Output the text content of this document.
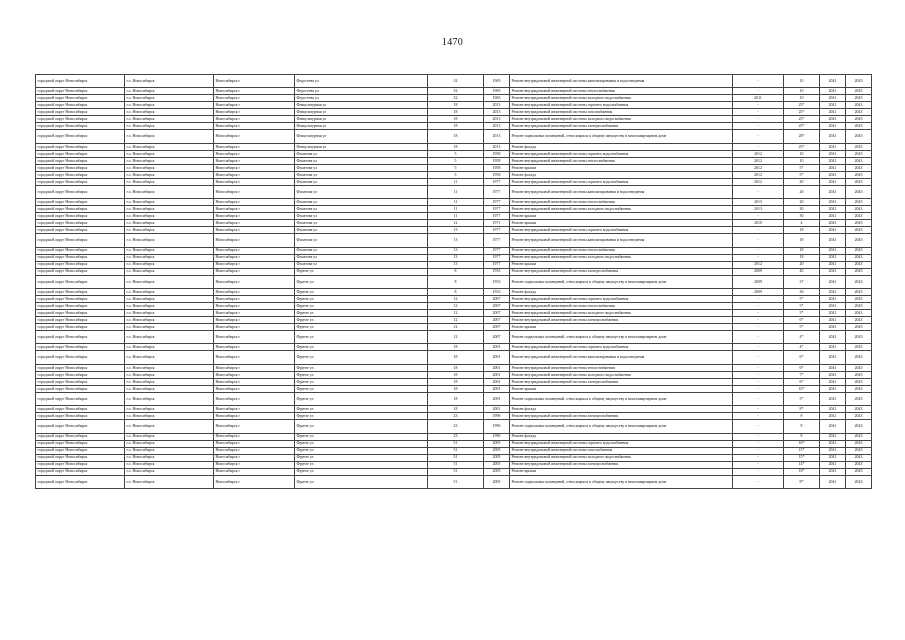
1470
городской округ Новосибирск	г.о. Новосибирск	Новосибирск г	Федосеева ул	32	1965	Ремонт внутридомовой инженерной системы канализирования и водоотведения	-	10	2041	2043
городской округ Новосибирск	г.о. Новосибирск	Новосибирск г	Федосеева ул	32	1965	Ремонт внутридомовой инженерной системы теплоснабжения	-	10	2041	2043
городской округ Новосибирск	г.о. Новосибирск	Новосибирск г	Федосеева ул	32	1965	Ремонт внутридомовой инженерной системы холодного водоснабжения	2011	10	2041	2043
городской округ Новосибирск	г.о. Новосибирск	Новосибирск г	Физкультурная ул	18	2013	Ремонт внутридомовой инженерной системы горячего водоснабжения	-	25*	2041	2043
городской округ Новосибирск	г.о. Новосибирск	Новосибирск г	Физкультурная ул	18	2013	Ремонт внутридомовой инженерной системы газоснабжения	-	25*	2041	2043
городской округ Новосибирск	г.о. Новосибирск	Новосибирск г	Физкультурная ул	18	2013	Ремонт внутридомовой инженерной системы холодного водоснабжения	-	25*	2041	2043
городской округ Новосибирск	г.о. Новосибирск	Новосибирск г	Физкультурная ул	18	2013	Ремонт внутридомовой инженерной системы электроснабжения	-	25*	2041	2043
городской округ Новосибирск	г.о. Новосибирск	Новосибирск г	Физкультурная ул	18	2013	Ремонт подвальных помещений, относящихся к общему имуществу в многоквартирном доме	-	28*	2041	2043
городской округ Новосибирск	г.о. Новосибирск	Новосибирск г	Физкультурная ул	18	2013	Ремонт фасада	-	25*	2041	2043
городской округ Новосибирск	г.о. Новосибирск	Новосибирск г	Филатова ул	5	1958	Ремонт внутридомовой инженерной системы горячего водоснабжения	2012	10	2041	2043
городской округ Новосибирск	г.о. Новосибирск	Новосибирск г	Филатова ул	5	1958	Ремонт внутридомовой инженерной системы теплоснабжения	2012	10	2041	2043
городской округ Новосибирск	г.о. Новосибирск	Новосибирск г	Филатова ул	5	1958	Ремонт крыши	2012	5*	2041	2043
городской округ Новосибирск	г.о. Новосибирск	Новосибирск г	Филатова ул	5	1958	Ремонт фасада	2012	5*	2041	2043
городской округ Новосибирск	г.о. Новосибирск	Новосибирск г	Филатова ул	11	1977	Ремонт внутридомовой инженерной системы горячего водоснабжения	2012	20	2041	2043
городской округ Новосибирск	г.о. Новосибирск	Новосибирск г	Филатова ул	11	1977	Ремонт внутридомовой инженерной системы канализирования и водоотведения	-	26	2041	2043
городской округ Новосибирск	г.о. Новосибирск	Новосибирск г	Филатова ул	11	1977	Ремонт внутридомовой инженерной системы теплоснабжения	2013	20	2041	2043
городской округ Новосибирск	г.о. Новосибирск	Новосибирск г	Филатова ул	11	1977	Ремонт внутридомовой инженерной системы холодного водоснабжения	2013	20	2041	2043
городской округ Новосибирск	г.о. Новосибирск	Новосибирск г	Филатова ул	11	1977	Ремонт крыши	-	30	2041	2043
городской округ Новосибирск	г.о. Новосибирск	Новосибирск г	Филатова ул	12	1971	Ремонт крыши	2010	4	2041	2043
городской округ Новосибирск	г.о. Новосибирск	Новосибирск г	Филатова ул	13	1977	Ремонт внутридомовой инженерной системы горячего водоснабжения	-	18	2041	2043
городской округ Новосибирск	г.о. Новосибирск	Новосибирск г	Филатова ул	13	1977	Ремонт внутридомовой инженерной системы канализирования и водоотведения	-	18	2041	2043
городской округ Новосибирск	г.о. Новосибирск	Новосибирск г	Филатова ул	13	1977	Ремонт внутридомовой инженерной системы теплоснабжения	-	18	2041	2043
городской округ Новосибирск	г.о. Новосибирск	Новосибирск г	Филатова ул	13	1977	Ремонт внутридомовой инженерной системы холодного водоснабжения	-	18	2041	2043
городской округ Новосибирск	г.о. Новосибирск	Новосибирск г	Филатова ул	13	1977	Ремонт крыши	2012	20	2041	2043
городской округ Новосибирск	г.о. Новосибирск	Новосибирск г	Фрунзе ул	8	1933	Ремонт внутридомовой инженерной системы электроснабжения	2009	40	2041	2043
городской округ Новосибирск	г.о. Новосибирск	Новосибирск г	Фрунзе ул	8	1933	Ремонт подвальных помещений, относящихся к общему имуществу в многоквартирном доме	2009	37	2041	2043
городской округ Новосибирск	г.о. Новосибирск	Новосибирск г	Фрунзе ул	8	1933	Ремонт фасада	2009	30	2041	2043
городской округ Новосибирск	г.о. Новосибирск	Новосибирск г	Фрунзе ул	12	2007	Ремонт внутридомовой инженерной системы горячего водоснабжения	-	5*	2041	2043
городской округ Новосибирск	г.о. Новосибирск	Новосибирск г	Фрунзе ул	12	2007	Ремонт внутридомовой инженерной системы теплоснабжения	-	5*	2041	2043
городской округ Новосибирск	г.о. Новосибирск	Новосибирск г	Фрунзе ул	12	2007	Ремонт внутридомовой инженерной системы холодного водоснабжения	-	5*	2041	2043
городской округ Новосибирск	г.о. Новосибирск	Новосибирск г	Фрунзе ул	12	2007	Ремонт внутридомовой инженерной системы электроснабжения	-	6*	2041	2043
городской округ Новосибирск	г.о. Новосибирск	Новосибирск г	Фрунзе ул	12	2007	Ремонт крыши	-	5*	2041	2043
городской округ Новосибирск	г.о. Новосибирск	Новосибирск г	Фрунзе ул	12	2007	Ремонт подвальных помещений, относящихся к общему имуществу в многоквартирном доме	-	4*	2041	2043
городской округ Новосибирск	г.о. Новосибирск	Новосибирск г	Фрунзе ул	18	2001	Ремонт внутридомовой инженерной системы горячего водоснабжения	-	4*	2041	2043
городской округ Новосибирск	г.о. Новосибирск	Новосибирск г	Фрунзе ул	18	2001	Ремонт внутридомовой инженерной системы канализирования и водоотведения	-	6*	2041	2043
городской округ Новосибирск	г.о. Новосибирск	Новосибирск г	Фрунзе ул	18	2001	Ремонт внутридомовой инженерной системы теплоснабжения	-	6*	2041	2043
городской округ Новосибирск	г.о. Новосибирск	Новосибирск г	Фрунзе ул	18	2001	Ремонт внутридомовой инженерной системы холодного водоснабжения	-	7*	2041	2043
городской округ Новосибирск	г.о. Новосибирск	Новосибирск г	Фрунзе ул	18	2001	Ремонт внутридомовой инженерной системы электроснабжения	-	6*	2041	2043
городской округ Новосибирск	г.о. Новосибирск	Новосибирск г	Фрунзе ул	18	2001	Ремонт крыши	-	10*	2041	2043
городской округ Новосибирск	г.о. Новосибирск	Новосибирск г	Фрунзе ул	18	2001	Ремонт подвальных помещений, относящихся к общему имуществу в многоквартирном доме	-	5*	2041	2043
городской округ Новосибирск	г.о. Новосибирск	Новосибирск г	Фрунзе ул	18	2001	Ремонт фасада	-	8*	2041	2043
городской округ Новосибирск	г.о. Новосибирск	Новосибирск г	Фрунзе ул	23	1996	Ремонт внутридомовой инженерной системы электроснабжения	-	8	2041	2043
городской округ Новосибирск	г.о. Новосибирск	Новосибирск г	Фрунзе ул	23	1996	Ремонт подвальных помещений, относящихся к общему имуществу в многоквартирном доме	-	8	2041	2043
городской округ Новосибирск	г.о. Новосибирск	Новосибирск г	Фрунзе ул	23	1996	Ремонт фасада	-	8	2041	2043
городской округ Новосибирск	г.о. Новосибирск	Новосибирск г	Фрунзе ул	51	2005	Ремонт внутридомовой инженерной системы горячего водоснабжения	-	16*	2041	2043
городской округ Новосибирск	г.о. Новосибирск	Новосибирск г	Фрунзе ул	51	2005	Ремонт внутридомовой инженерной системы газоснабжения	-	15*	2041	2043
городской округ Новосибирск	г.о. Новосибирск	Новосибирск г	Фрунзе ул	51	2005	Ремонт внутридомовой инженерной системы холодного водоснабжения	-	15*	2041	2043
городской округ Новосибирск	г.о. Новосибирск	Новосибирск г	Фрунзе ул	51	2005	Ремонт внутридомовой инженерной системы электроснабжения	-	14*	2041	2043
городской округ Новосибирск	г.о. Новосибирск	Новосибирск г	Фрунзе ул	51	2005	Ремонт крыши	-	16*	2041	2043
городской округ Новосибирск	г.о. Новосибирск	Новосибирск г	Фрунзе ул	51	2005	Ремонт подвальных помещений, относящихся к общему имуществу в многоквартирном доме	-	8*	2041	2043
